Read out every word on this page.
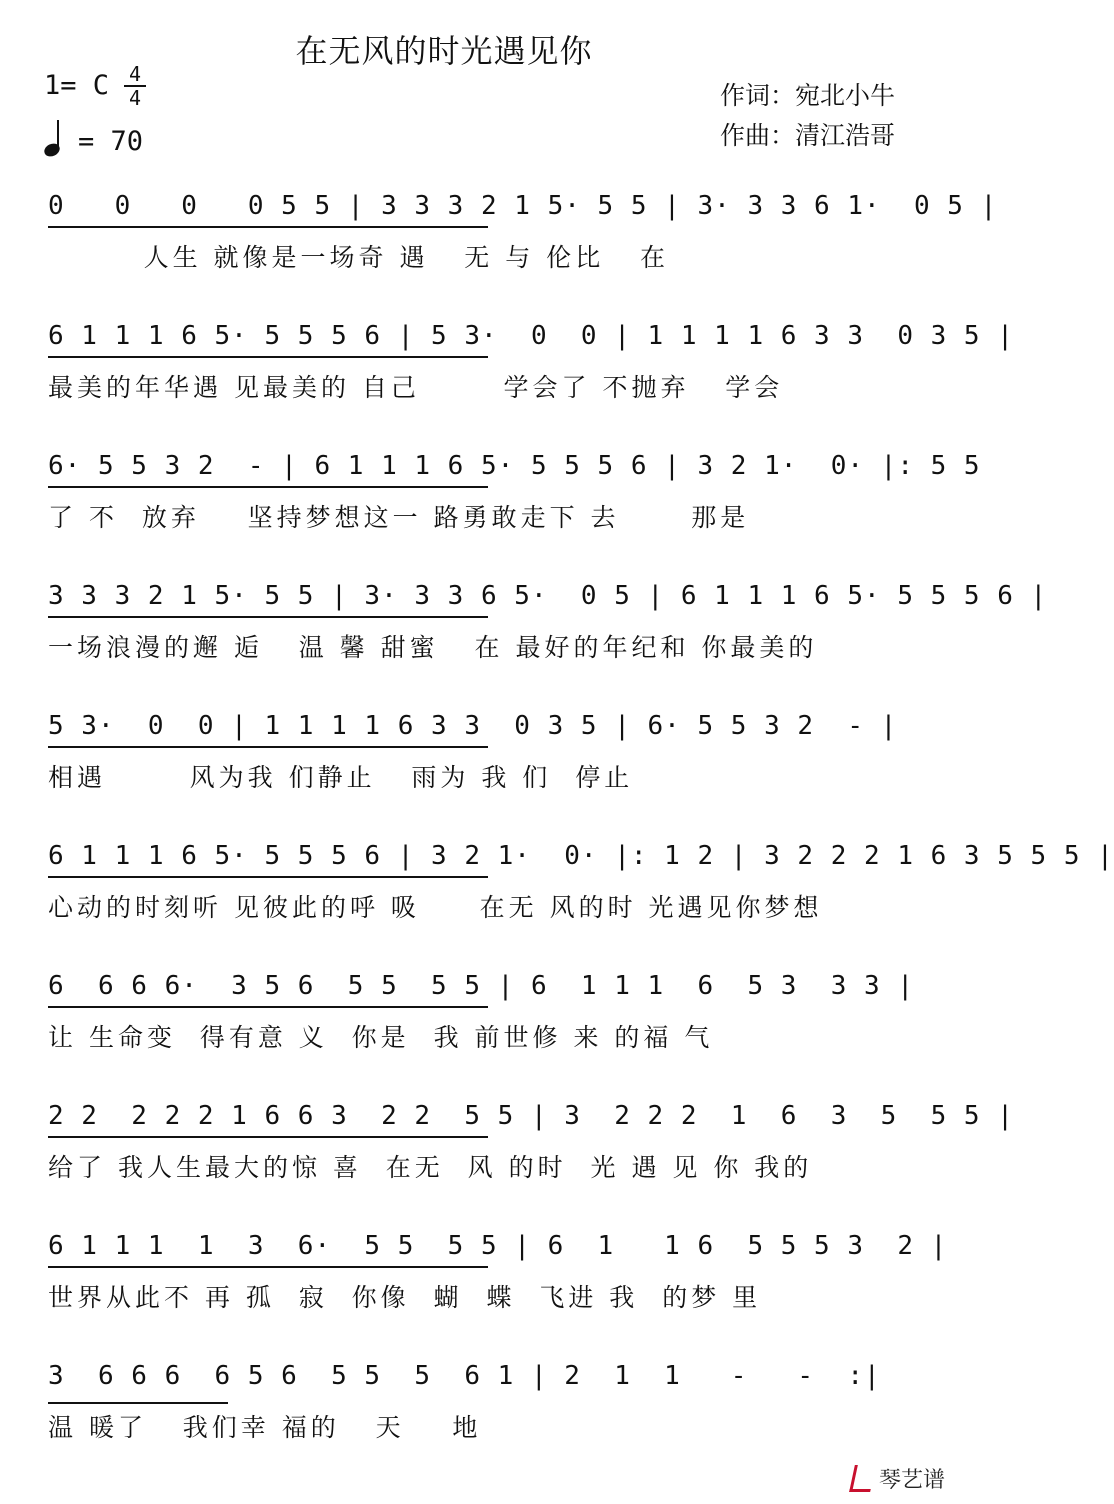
在无风的时光遇见你
1= C 4
4
= 70
作词：宛北小牛
作曲：清江浩哥
0   0   0   0 5 5 | 3 3 3 2 1 5· 5 5 | 3· 3 3 6 1·  0 5 |
人生 就像是一场奇 遇   无 与 伦比   在
6 1 1 1 6 5· 5 5 5 6 | 5 3·  0  0 | 1 1 1 1 6 3 3  0 3 5 |
最美的年华遇 见最美的 自己       学会了 不抛弃   学会
6· 5 5 3 2  - | 6 1 1 1 6 5· 5 5 5 6 | 3 2 1·  0· |: 5 5
了 不  放弃    坚持梦想这一 路勇敢走下 去      那是
3 3 3 2 1 5· 5 5 | 3· 3 3 6 5·  0 5 | 6 1 1 1 6 5· 5 5 5 6 |
一场浪漫的邂 逅   温 馨 甜蜜   在 最好的年纪和 你最美的
5 3·  0  0 | 1 1 1 1 6 3 3  0 3 5 | 6· 5 5 3 2  - |
相遇       风为我 们静止   雨为 我 们  停止
6 1 1 1 6 5· 5 5 5 6 | 3 2 1·  0· |: 1 2 | 3 2 2 2 1 6 3 5 5 5 |
心动的时刻听 见彼此的呼 吸     在无 风的时 光遇见你梦想
6  6 6 6·  3 5 6  5 5  5 5 | 6  1 1 1  6  5 3  3 3 |
让 生命变  得有意 义  你是  我 前世修 来 的福 气
2 2  2 2 2 1 6 6 3  2 2  5 5 | 3  2 2 2  1  6  3  5  5 5 |
给了 我人生最大的惊 喜  在无  风 的时  光 遇 见 你 我的
6 1 1 1  1  3  6·  5 5  5 5 | 6  1   1 6  5 5 5 3  2 |
世界从此不 再 孤  寂  你像  蝴  蝶  飞进 我  的梦 里
3  6 6 6  6 5 6  5 5  5  6 1 | 2  1  1   -   -  :|
温 暖了   我们幸 福的   天    地
琴艺谱
